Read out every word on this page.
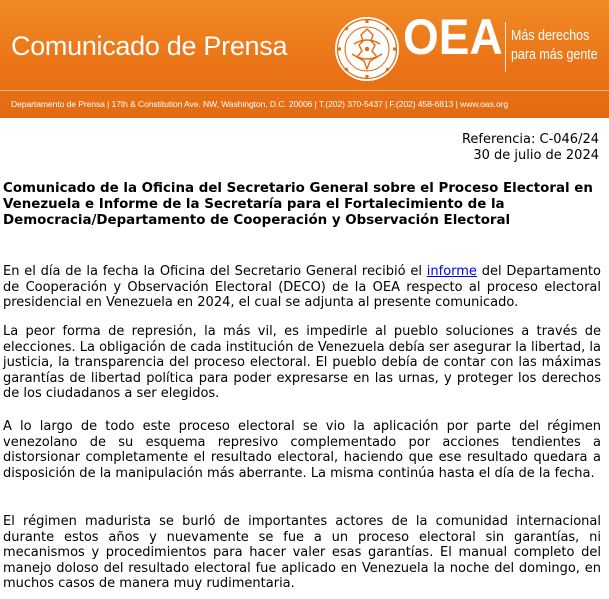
Comunicado de Prensa OEA Más derechos
para más gente
Departamento de Prensa | 17th & Constitution Ave. NW, Washington, D.C. 20006 | T.(202) 370-5437 | F.(202) 458-6813 | www.oas.org
Referencia: C-046/24
30 de julio de 2024
Comunicado de la Oficina del Secretario General sobre el Proceso Electoral en Venezuela e Informe de la Secretaría para el Fortalecimiento de la Democracia/Departamento de Cooperación y Observación Electoral

En el día de la fecha la Oficina del Secretario General recibió el informe del Departamento de Cooperación y Observación Electoral (DECO) de la OEA respecto al proceso electoral presidencial en Venezuela en 2024, el cual se adjunta al presente comunicado.

La peor forma de represión, la más vil, es impedirle al pueblo soluciones a través de elecciones. La obligación de cada institución de Venezuela debía ser asegurar la libertad, la justicia, la transparencia del proceso electoral. El pueblo debía de contar con las máximas garantías de libertad política para poder expresarse en las urnas, y proteger los derechos de los ciudadanos a ser elegidos.

A lo largo de todo este proceso electoral se vio la aplicación por parte del régimen venezolano de su esquema represivo complementado por acciones tendientes a distorsionar completamente el resultado electoral, haciendo que ese resultado quedara a disposición de la manipulación más aberrante. La misma continúa hasta el día de la fecha.

El régimen madurista se burló de importantes actores de la comunidad internacional durante estos años y nuevamente se fue a un proceso electoral sin garantías, ni mecanismos y procedimientos para hacer valer esas garantías. El manual completo del manejo doloso del resultado electoral fue aplicado en Venezuela la noche del domingo, en muchos casos de manera muy rudimentaria.
